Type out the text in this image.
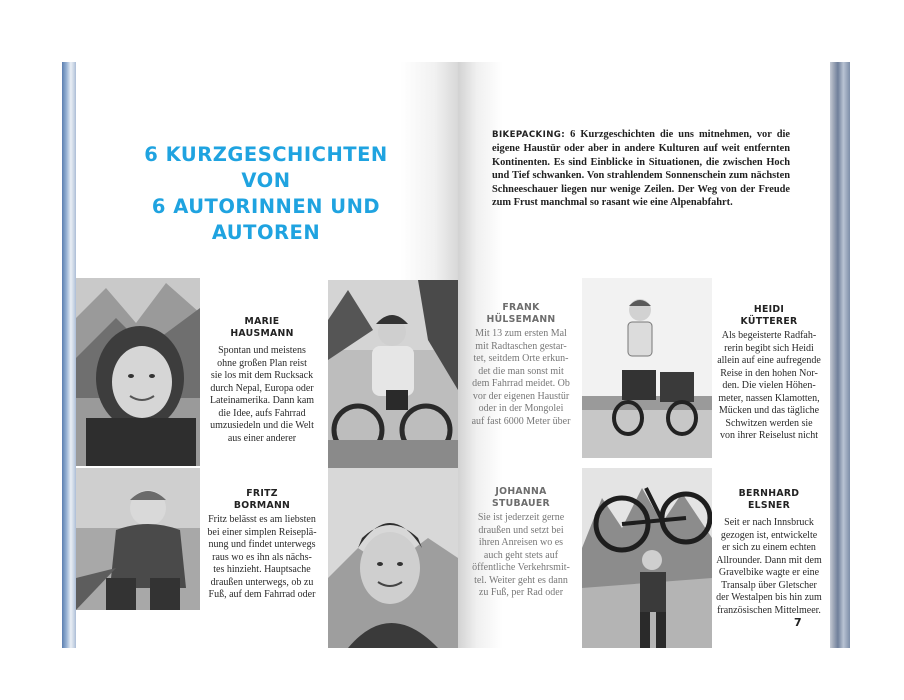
6 KURZGESCHICHTEN
VON
6 AUTORINNEN UND
AUTOREN
MARIE
HAUSMANN
Spontan und meistens
ohne großen Plan reist
sie los mit dem Rucksack
durch Nepal, Europa oder
Lateinamerika. Dann kam
die Idee, aufs Fahrrad
umzusiedeln und die Welt
aus einer anderer
FRITZ
BORMANN
Fritz belässt es am liebsten
bei einer simplen Reiseplä-
nung und findet unterwegs
raus wo es ihn als nächs-
tes hinzieht. Hauptsache
draußen unterwegs, ob zu
Fuß, auf dem Fahrrad oder
BIKEPACKING: 6 Kurzgeschichten die uns mitnehmen, vor die eigene Haustür oder aber in andere Kulturen auf weit entfernten Kontinenten. Es sind Einblicke in Situationen, die zwischen Hoch und Tief schwanken. Von strahlendem Sonnenschein zum nächsten Schneeschauer liegen nur wenige Zeilen. Der Weg von der Freude zum Frust manchmal so rasant wie eine Alpenabfahrt.
FRANK
HÜLSEMANN
Mit 13 zum ersten Mal
mit Radtaschen gestar-
tet, seitdem Orte erkun-
det die man sonst mit
dem Fahrrad meidet. Ob
vor der eigenen Haustür
oder in der Mongolei
auf fast 6000 Meter über
HEIDI
KÜTTERER
Als begeisterte Radfah-
rerin begibt sich Heidi
allein auf eine aufregende
Reise in den hohen Nor-
den. Die vielen Höhen-
meter, nassen Klamotten,
Mücken und das tägliche
Schwitzen werden sie
von ihrer Reiselust nicht
JOHANNA
STUBAUER
Sie ist jederzeit gerne
draußen und setzt bei
ihren Anreisen wo es
auch geht stets auf
öffentliche Verkehrsmit-
tel. Weiter geht es dann
zu Fuß, per Rad oder
BERNHARD
ELSNER
Seit er nach Innsbruck
gezogen ist, entwickelte
er sich zu einem echten
Allrounder. Dann mit dem
Gravelbike wagte er eine
Transalp über Gletscher
der Westalpen bis hin zum
französischen Mittelmeer.
7
